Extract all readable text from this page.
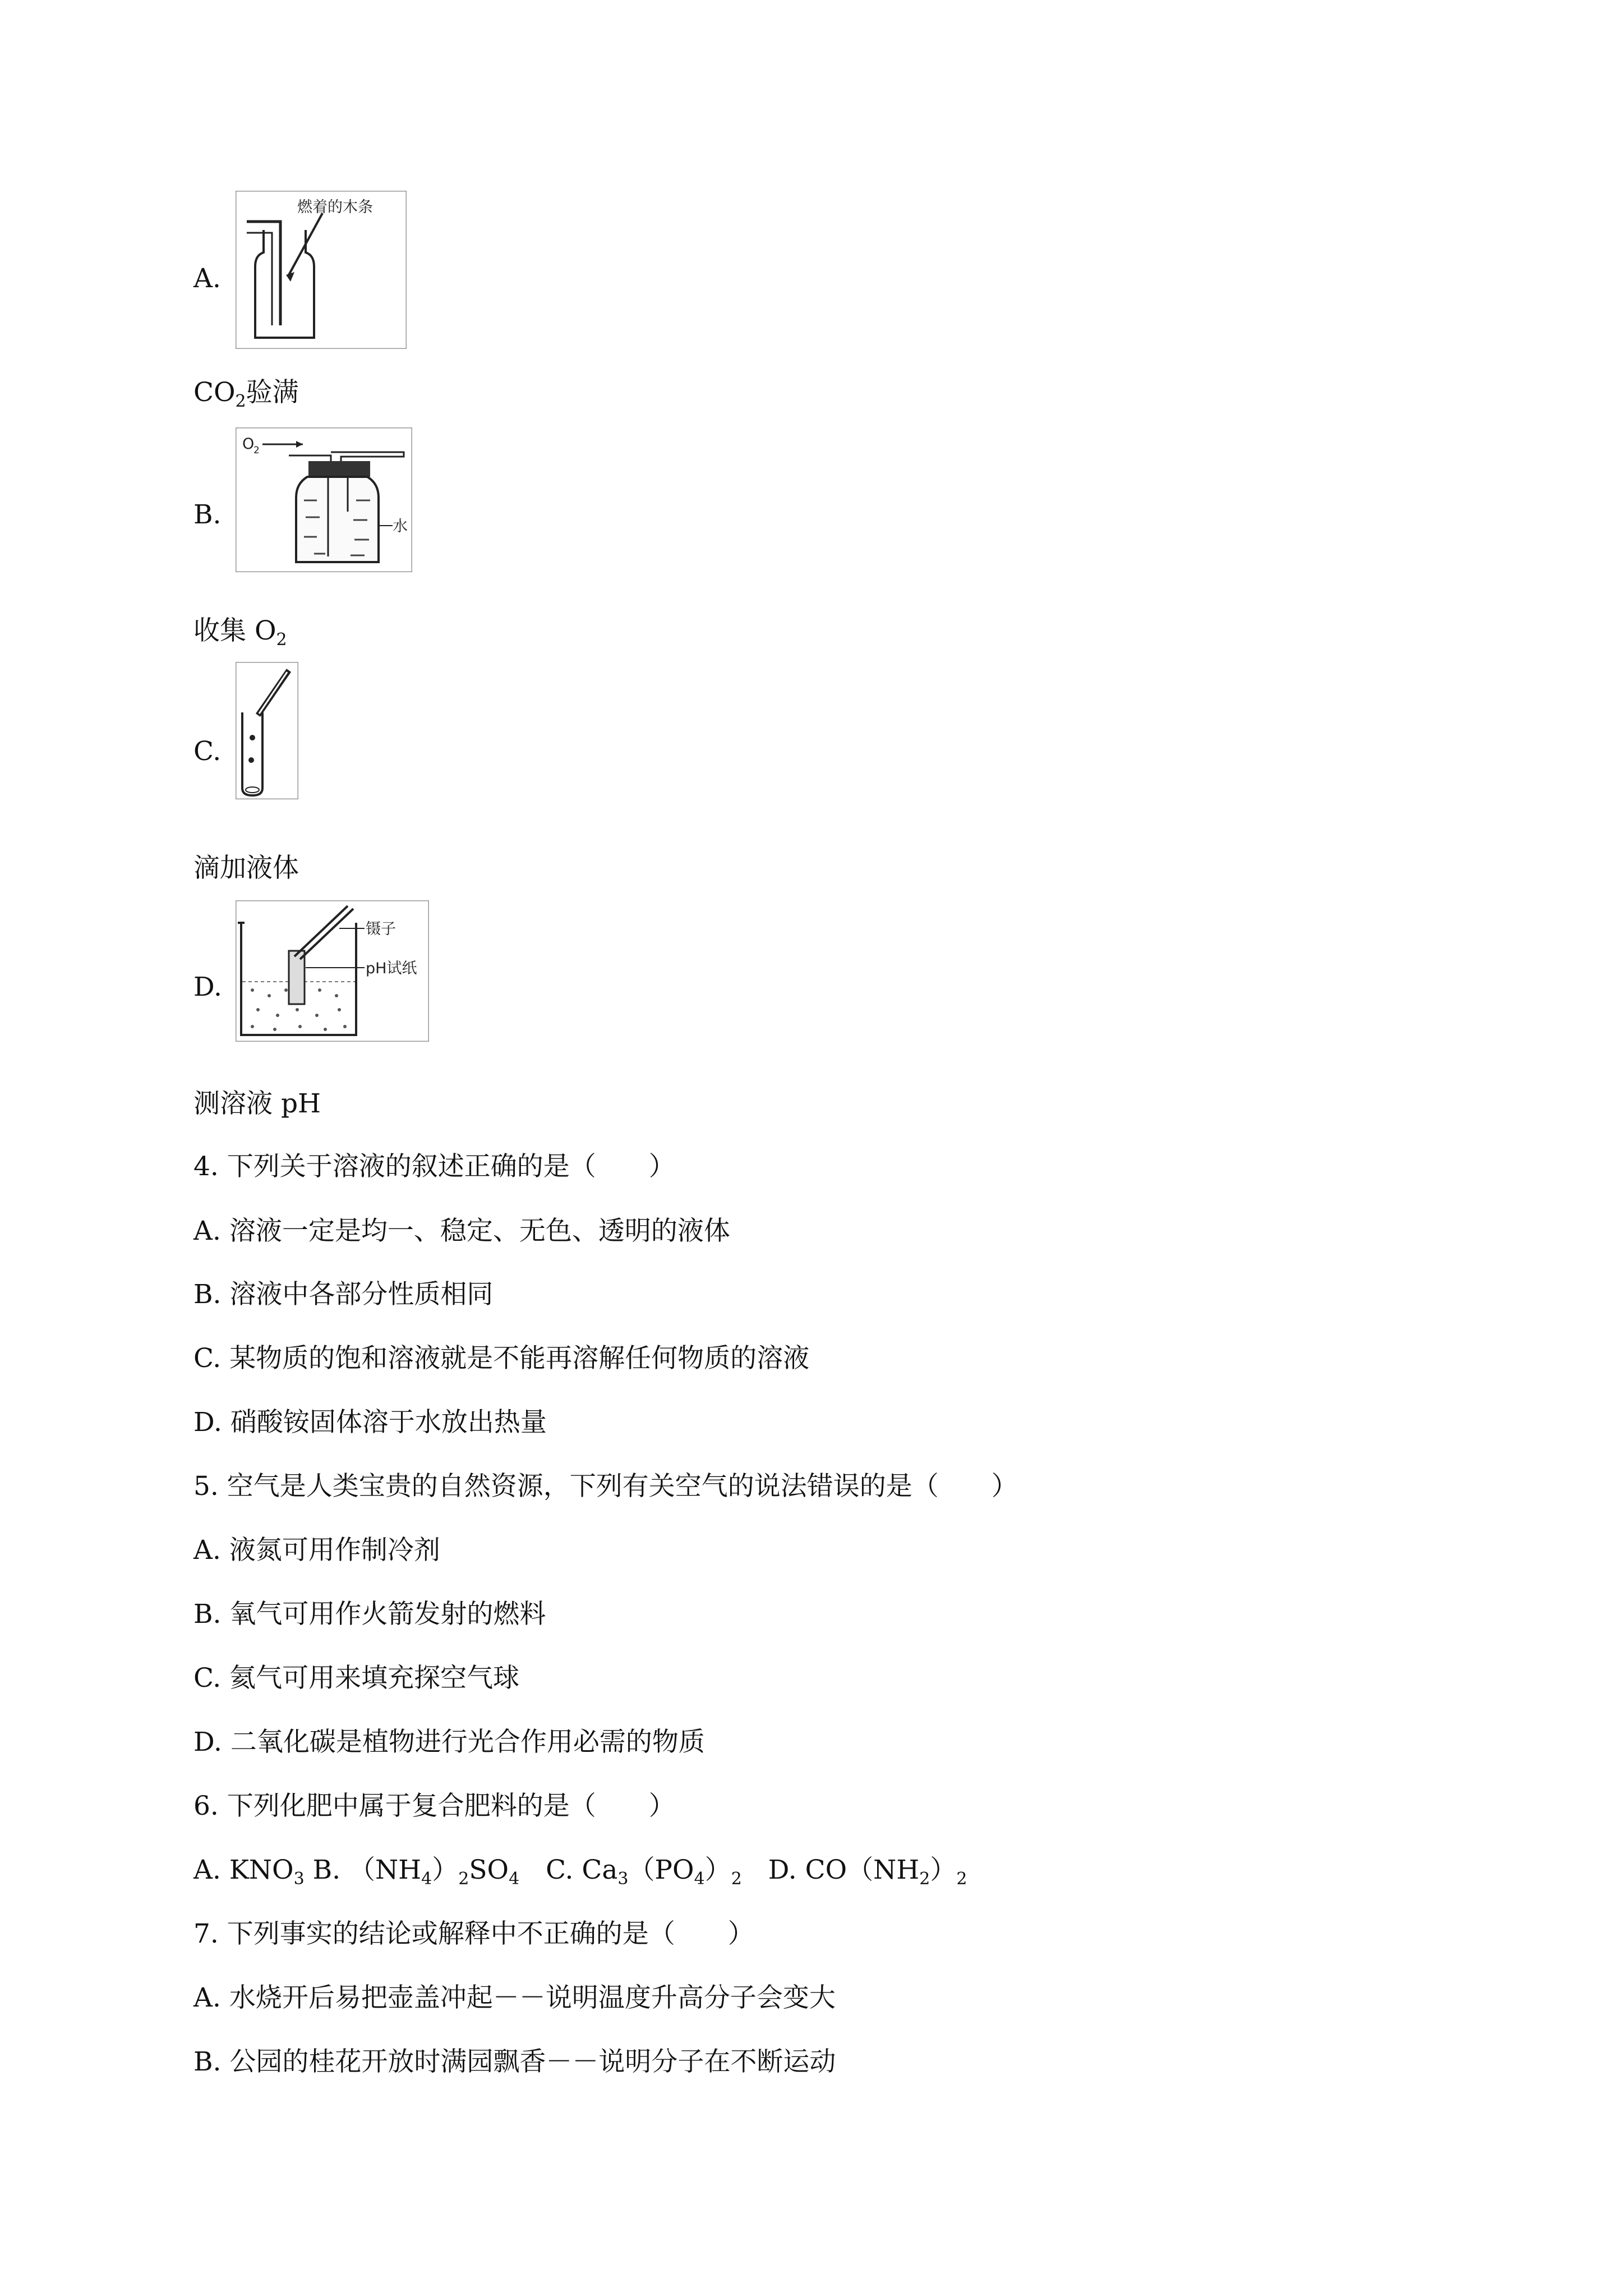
A.
燃着的木条
$CO_2$验满
B.
O
2
水
收集 $O_2$
C.
滴加液体
D.
镊子
pH试纸
测溶液 pH
4. 下列关于溶液的叙述正确的是（　　）
A. 溶液一定是均一、稳定、无色、透明的液体
B. 溶液中各部分性质相同
C. 某物质的饱和溶液就是不能再溶解任何物质的溶液
D. 硝酸铵固体溶于水放出热量
5. 空气是人类宝贵的自然资源，下列有关空气的说法错误的是（　　）
A. 液氮可用作制冷剂
B. 氧气可用作火箭发射的燃料
C. 氦气可用来填充探空气球
D. 二氧化碳是植物进行光合作用必需的物质
6. 下列化肥中属于复合肥料的是（　　）
A. $KNO_3$ B. $(NH_4)_2SO_4$　C. $Ca_3(PO_4)_2$　D. $CO(NH_2)_2$
7. 下列事实的结论或解释中不正确的是（　　）
A. 水烧开后易把壶盖冲起－－说明温度升高分子会变大
B. 公园的桂花开放时满园飘香－－说明分子在不断运动
